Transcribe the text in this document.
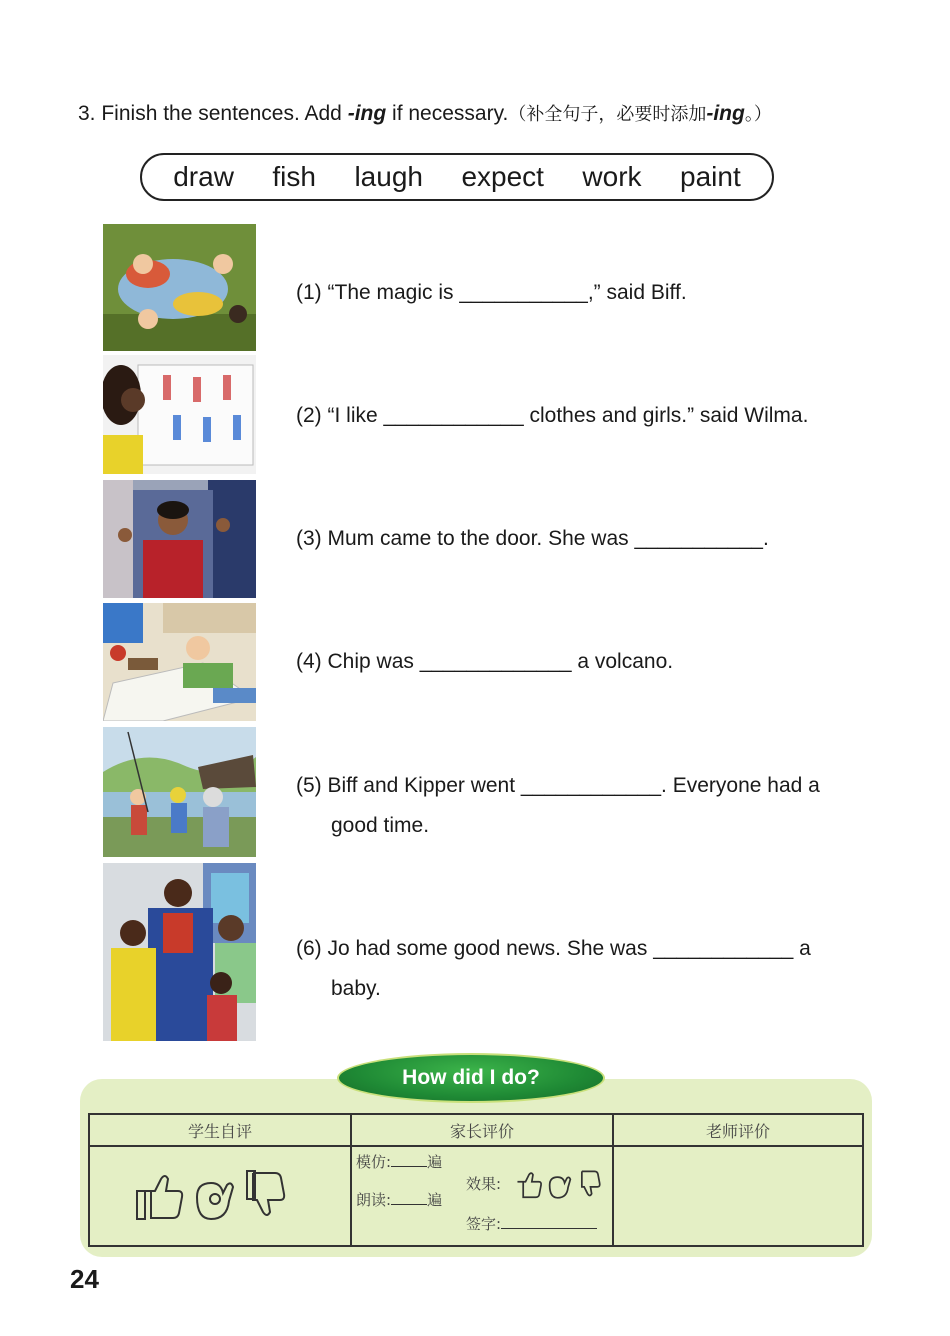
3. Finish the sentences. Add -ing if necessary.（补全句子，必要时添加-ing。）
draw fish laugh expect work paint
(1) “The magic is ___________,” said Biff.
(2) “I like ____________ clothes and girls.” said Wilma.
(3) Mum came to the door. She was ___________.
(4) Chip was _____________ a volcano.
(5) Biff and Kipper went ____________. Everyone had a
good time.
(6) Jo had some good news. She was ____________ a
baby.
How did I do?
学生自评	家长评价	老师评价

模仿: 遍
朗读: 遍
效果:
签字:	

24
